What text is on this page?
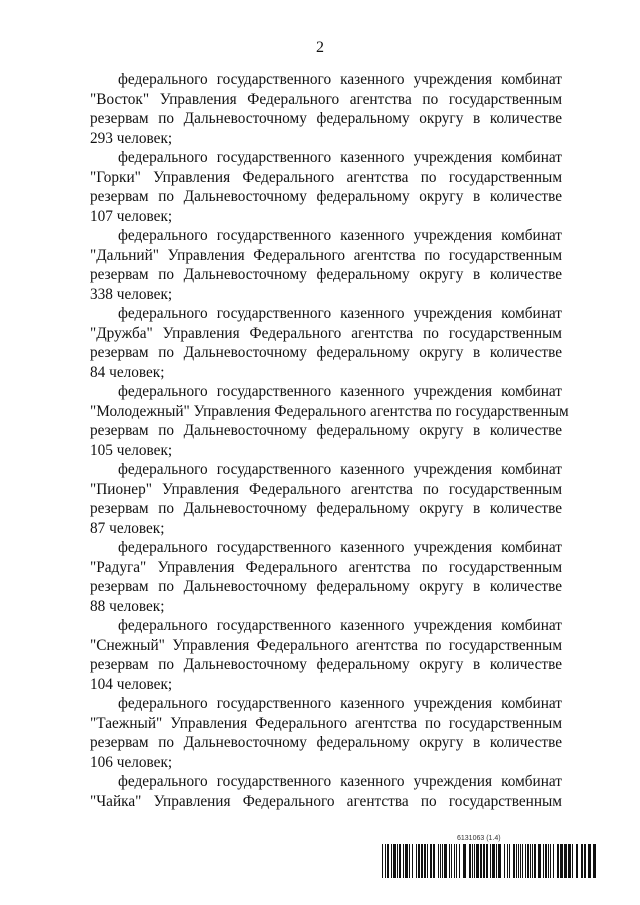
2

федерального государственного казенного учреждения комбинат
"Восток" Управления Федерального агентства по государственным
резервам по Дальневосточному федеральному округу в количестве
293 человек;

федерального государственного казенного учреждения комбинат
"Горки" Управления Федерального агентства по государственным
резервам по Дальневосточному федеральному округу в количестве
107 человек;

федерального государственного казенного учреждения комбинат
"Дальний" Управления Федерального агентства по государственным
резервам по Дальневосточному федеральному округу в количестве
338 человек;

федерального государственного казенного учреждения комбинат
"Дружба" Управления Федерального агентства по государственным
резервам по Дальневосточному федеральному округу в количестве
84 человек;

федерального государственного казенного учреждения комбинат
"Молодежный" Управления Федерального агентства по государственным
резервам по Дальневосточному федеральному округу в количестве
105 человек;

федерального государственного казенного учреждения комбинат
"Пионер" Управления Федерального агентства по государственным
резервам по Дальневосточному федеральному округу в количестве
87 человек;

федерального государственного казенного учреждения комбинат
"Радуга" Управления Федерального агентства по государственным
резервам по Дальневосточному федеральному округу в количестве
88 человек;

федерального государственного казенного учреждения комбинат
"Снежный" Управления Федерального агентства по государственным
резервам по Дальневосточному федеральному округу в количестве
104 человек;

федерального государственного казенного учреждения комбинат
"Таежный" Управления Федерального агентства по государственным
резервам по Дальневосточному федеральному округу в количестве
106 человек;

федерального государственного казенного учреждения комбинат
"Чайка" Управления Федерального агентства по государственным

6131063 (1.4)
